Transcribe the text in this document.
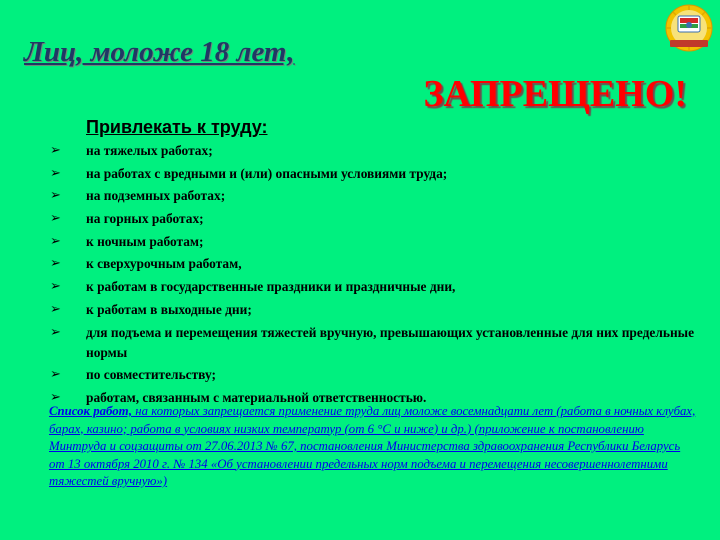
Лиц, моложе 18 лет,
ЗАПРЕЩЕНО!
Привлекать к труду:
➢ на тяжелых работах;
➢ на работах с вредными и (или) опасными условиями труда;
➢ на подземных работах;
➢ на горных работах;
➢ к ночным работам;
➢ к сверхурочным работам,
➢ к работам в государственные праздники и праздничные дни,
➢ к работам в выходные дни;
➢ для подъема и перемещения тяжестей вручную, превышающих установленные для них предельные нормы
➢ по совместительству;
➢ работам, связанным с материальной ответственностью.
Список работ, на которых запрещается применение труда лиц моложе восемнадцати лет (работа в ночных клубах, барах, казино; работа в условиях низких температур (от 6 °С и ниже) и др.) (приложение к постановлению Минтруда и соцзащиты от 27.06.2013 № 67, постановления Министерства здравоохранения Республики Беларусь от 13 октября 2010 г. № 134 «Об установлении предельных норм подъема и перемещения несовершеннолетними тяжестей вручную»)
